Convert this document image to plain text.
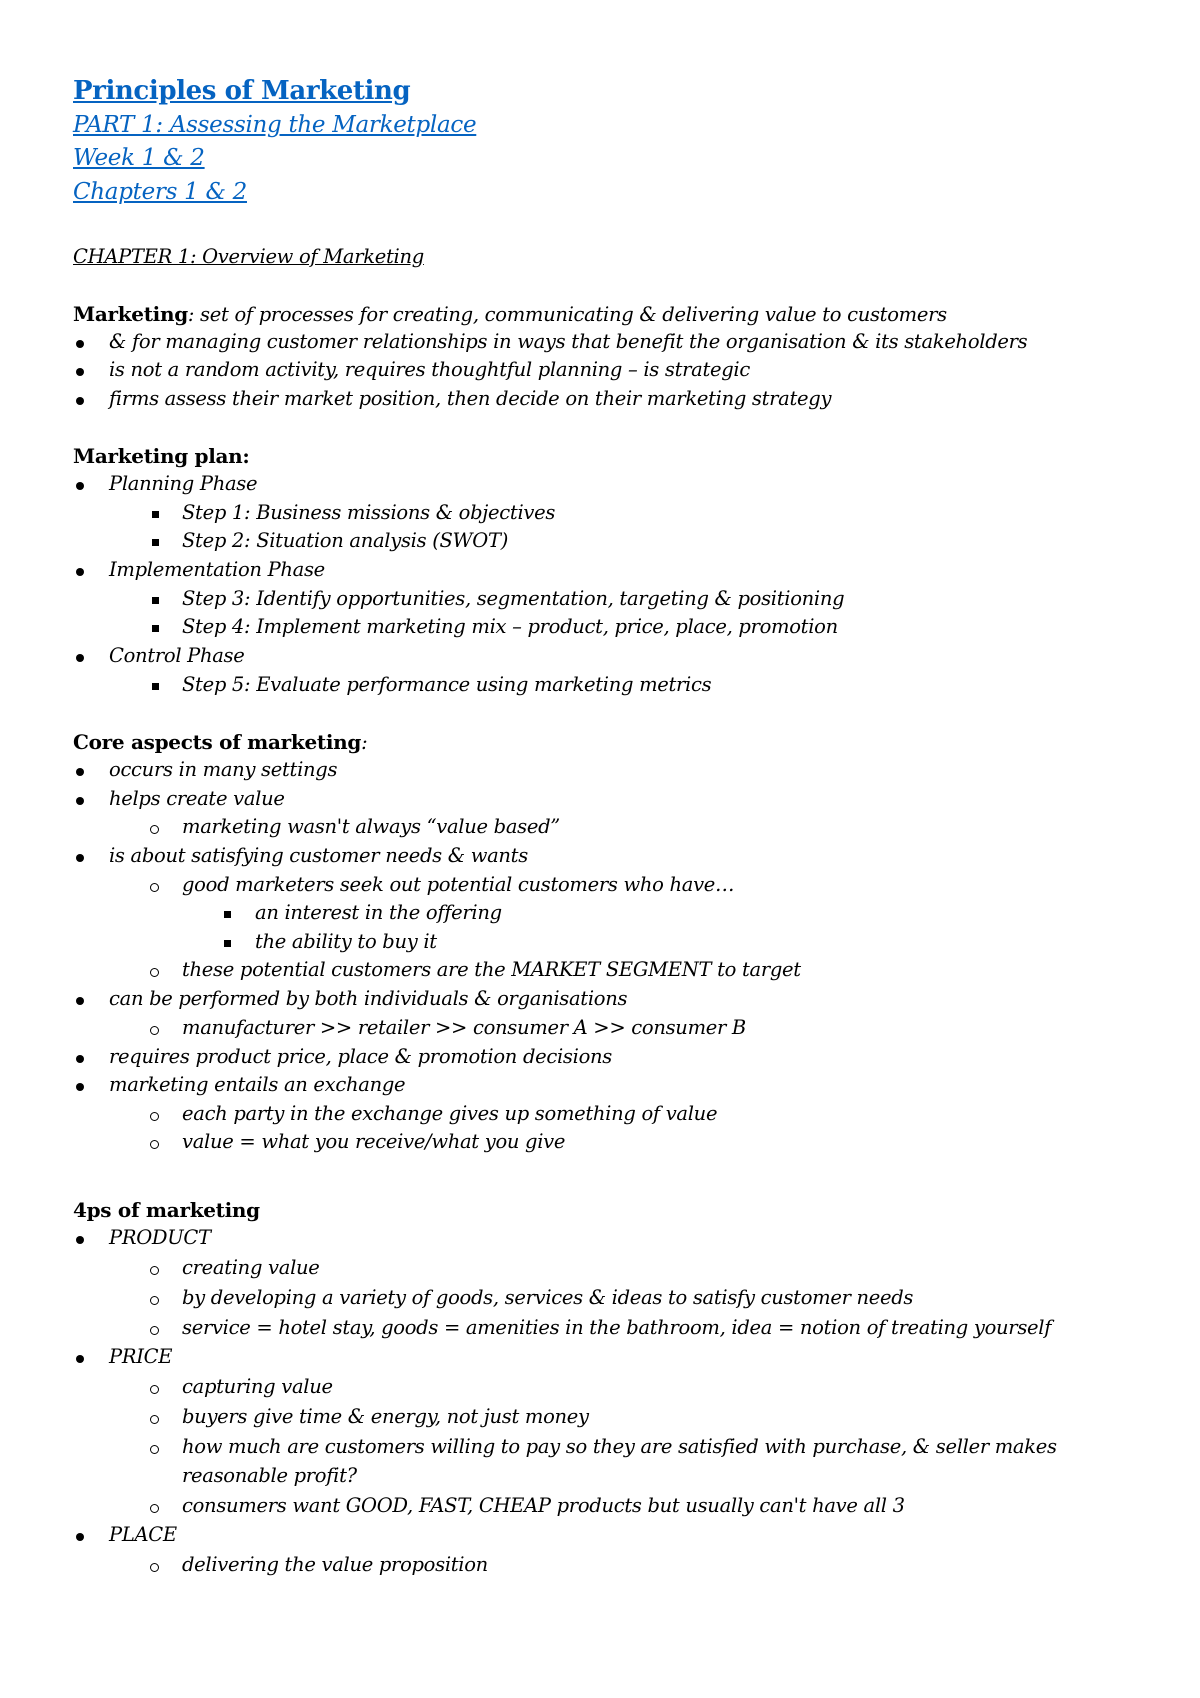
Principles of Marketing
PART 1: Assessing the Marketplace
Week 1 & 2
Chapters 1 & 2
CHAPTER 1: Overview of Marketing
Marketing: set of processes for creating, communicating & delivering value to customers
& for managing customer relationships in ways that benefit the organisation & its stakeholders
is not a random activity, requires thoughtful planning – is strategic
firms assess their market position, then decide on their marketing strategy
Marketing plan:
Planning Phase
Step 1: Business missions & objectives
Step 2: Situation analysis (SWOT)
Implementation Phase
Step 3: Identify opportunities, segmentation, targeting & positioning
Step 4: Implement marketing mix – product, price, place, promotion
Control Phase
Step 5: Evaluate performance using marketing metrics
Core aspects of marketing:
occurs in many settings
helps create value
marketing wasn't always “value based”
is about satisfying customer needs & wants
good marketers seek out potential customers who have…
an interest in the offering
the ability to buy it
these potential customers are the MARKET SEGMENT to target
can be performed by both individuals & organisations
manufacturer >> retailer >> consumer A >> consumer B
requires product price, place & promotion decisions
marketing entails an exchange
each party in the exchange gives up something of value
value = what you receive/what you give
4ps of marketing
PRODUCT
creating value
by developing a variety of goods, services & ideas to satisfy customer needs
service = hotel stay, goods = amenities in the bathroom, idea = notion of treating yourself
PRICE
capturing value
buyers give time & energy, not just money
how much are customers willing to pay so they are satisfied with purchase, & seller makes
reasonable profit?
consumers want GOOD, FAST, CHEAP products but usually can't have all 3
PLACE
delivering the value proposition
